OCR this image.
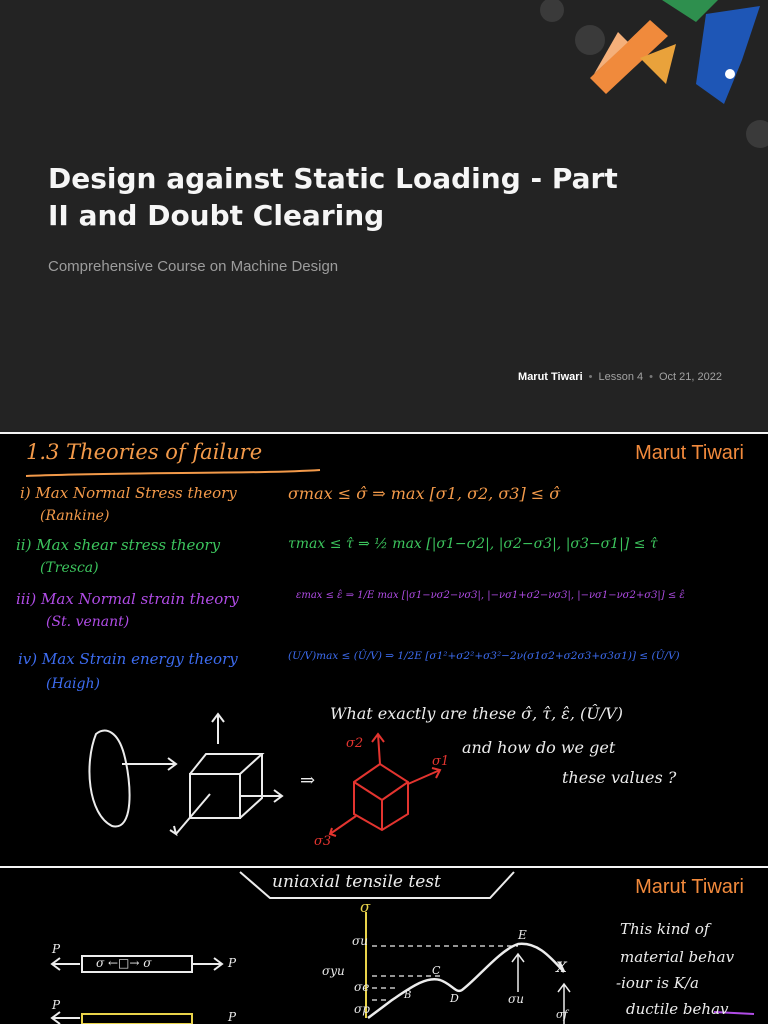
Design against Static Loading - Part II and Doubt Clearing

Comprehensive Course on Machine Design

Marut Tiwari • Lesson 4 • Oct 21, 2022
1.3 Theories of failure	Marut Tiwari
i) Max Normal Stress theory
(Rankine)
σmax ≤ σ̂ ⇒ max [σ1, σ2, σ3] ≤ σ̂
ii) Max shear stress theory
(Tresca)
τmax ≤ τ̂ ⇒ ½ max [|σ1−σ2|, |σ2−σ3|, |σ3−σ1|] ≤ τ̂
iii) Max Normal strain theory
(St. venant)
εmax ≤ ε̂ ⇒ 1/E max [|σ1−νσ2−νσ3|, |−νσ1+σ2−νσ3|, |−νσ1−νσ2+σ3|] ≤ ε̂
iv) Max Strain energy theory
(Haigh)
(U/V)max ≤ (Û/V) ⇒ 1/2E [σ1²+σ2²+σ3²−2ν(σ1σ2+σ2σ3+σ3σ1)] ≤ (Û/V)
What exactly are these σ̂, τ̂, ε̂, (Û/V)
and how do we get
these values ?
⇒
σ2
σ1
σ3
uniaxial tensile test	Marut Tiwari
This kind of
material behav
-iour is K/a
ductile behav
σ ←□→ σ
P
P
P
P
σ
σu
σyu
σe
σp
E
C
B	D	σu
σf
X
